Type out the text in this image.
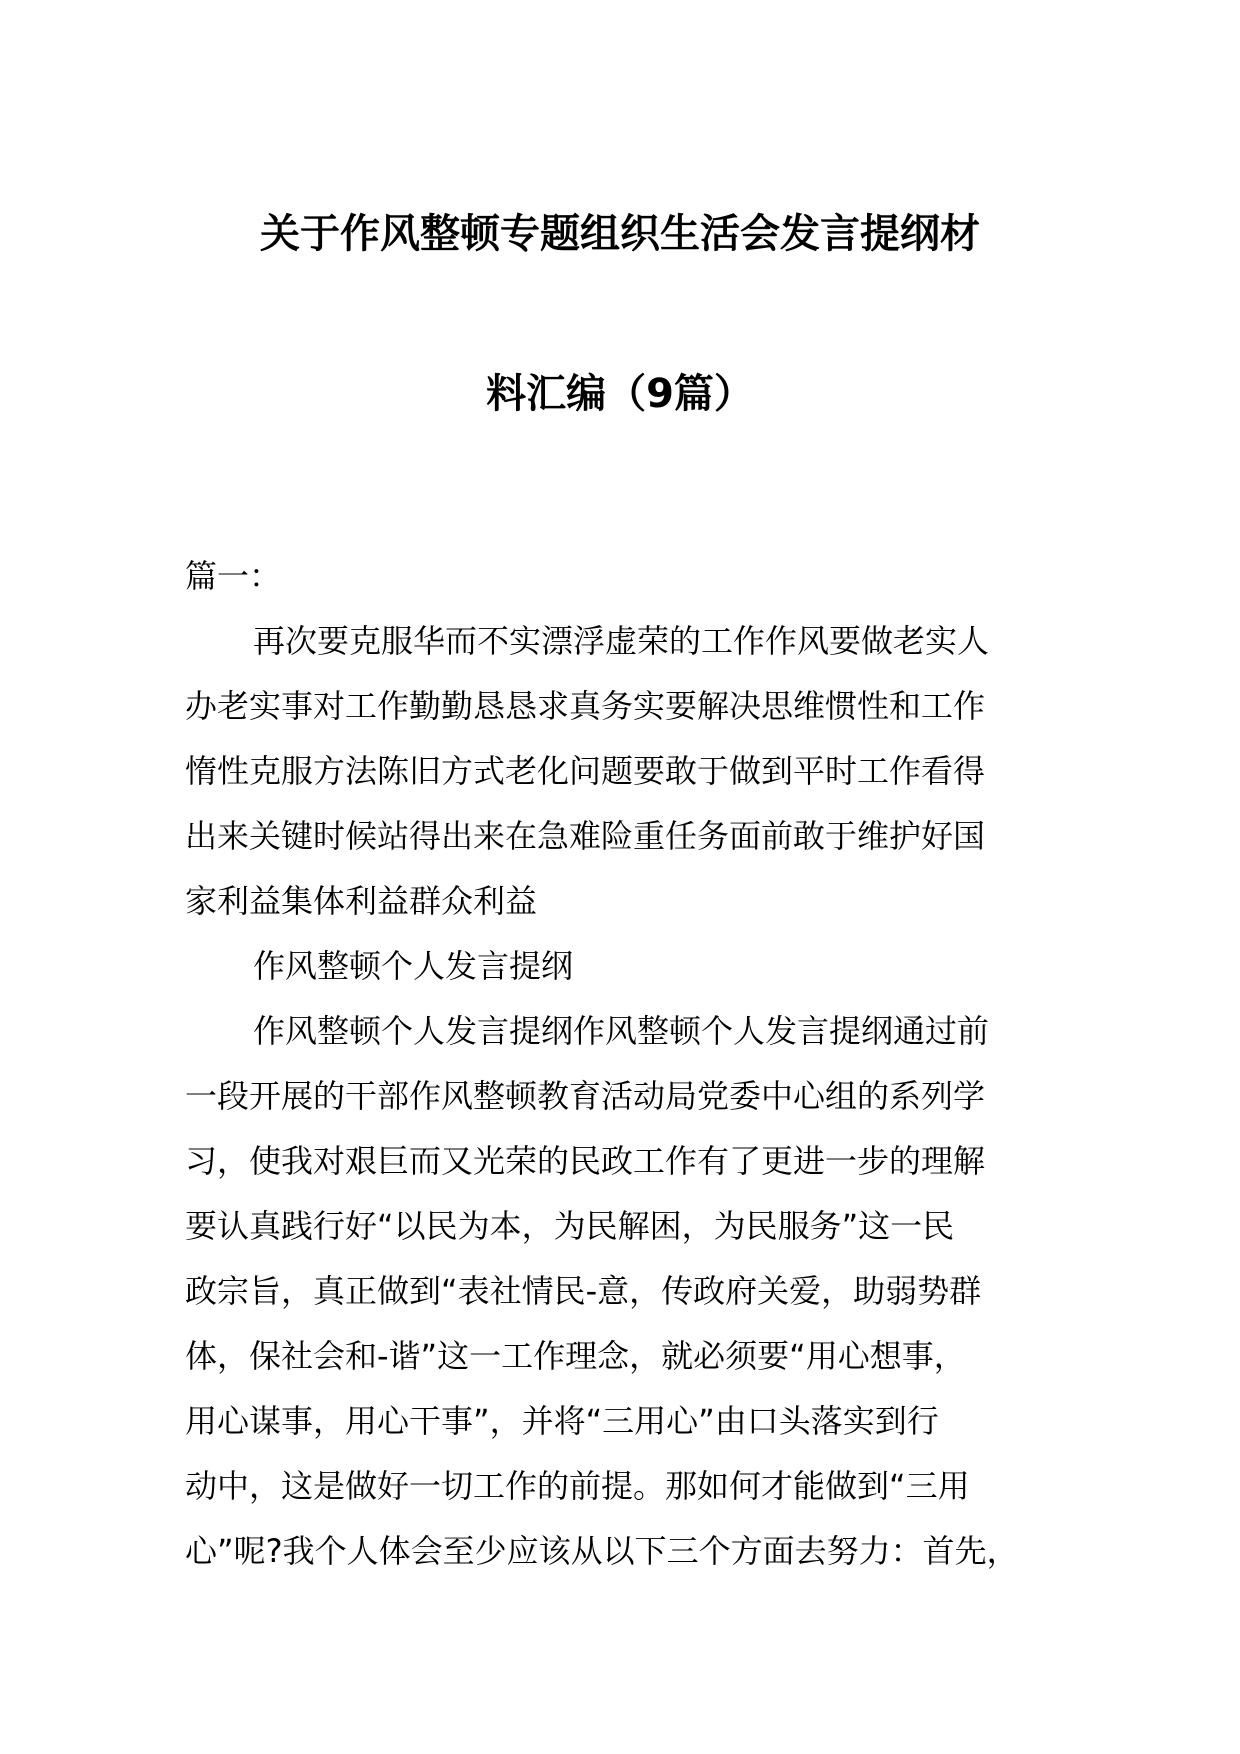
关于作风整顿专题组织生活会发言提纲材
料汇编（9篇）

篇一：

再次要克服华而不实漂浮虚荣的工作作风要做老实人
办老实事对工作勤勤恳恳求真务实要解决思维惯性和工作
惰性克服方法陈旧方式老化问题要敢于做到平时工作看得
出来关键时候站得出来在急难险重任务面前敢于维护好国
家利益集体利益群众利益

作风整顿个人发言提纲

作风整顿个人发言提纲作风整顿个人发言提纲通过前
一段开展的干部作风整顿教育活动局党委中心组的系列学
习，使我对艰巨而又光荣的民政工作有了更进一步的理解
要认真践行好“以民为本，为民解困，为民服务”这一民
政宗旨，真正做到“表社情民-意，传政府关爱，助弱势群
体，保社会和-谐”这一工作理念，就必须要“用心想事，
用心谋事，用心干事”，并将“三用心”由口头落实到行
动中，这是做好一切工作的前提。那如何才能做到“三用
心”呢?我个人体会至少应该从以下三个方面去努力：首先，
